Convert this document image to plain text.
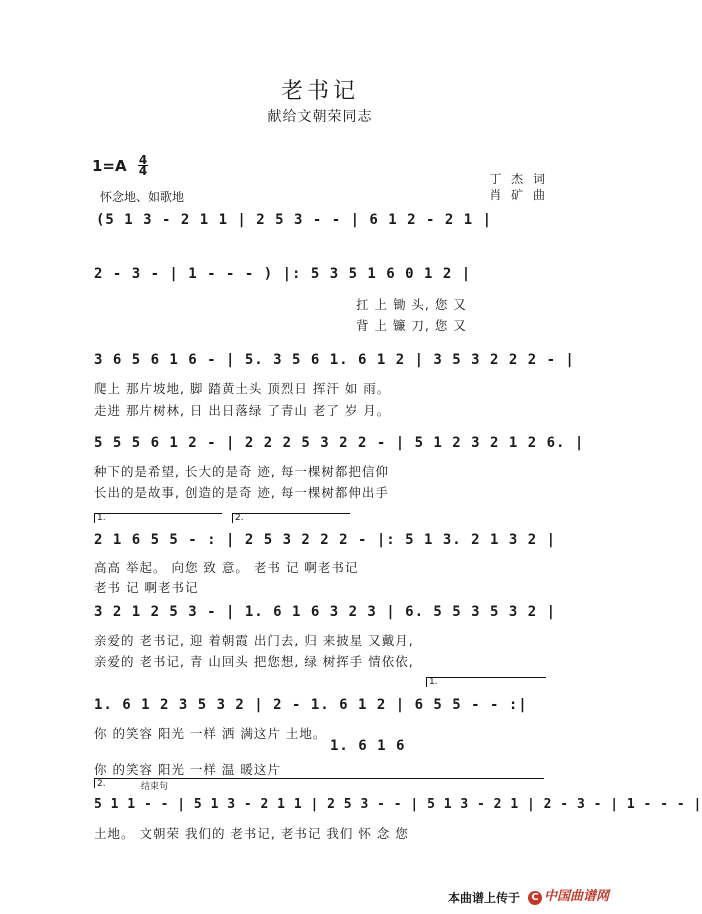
老书记
献给文朝荣同志
1=A 4
4
丁 杰 词
肖 矿 曲
怀念地、如歌地
(5 1 3 - 2 1 1 | 2 5 3 - - | 6 1 2 - 2 1 |
2 - 3 - | 1 - - - ) |: 5 3 5 1 6 0 1 2 |
扛 上 锄 头, 您 又
背 上 镰 刀, 您 又
3 6 5 6 1 6 - | 5. 3 5 6 1. 6 1 2 | 3 5 3 2 2 2 - |
爬上 那片坡地, 脚 踏黄土头 顶烈日 挥汗 如 雨。
走进 那片树林, 日 出日落绿 了青山 老了 岁 月。
5 5 5 6 1 2 - | 2 2 2 5 3 2 2 - | 5 1 2 3 2 1 2 6. |
种下的是希望, 长大的是奇 迹, 每一棵树都把信仰
长出的是故事, 创造的是奇 迹, 每一棵树都伸出手
1.	2.
2 1 6 5 5 - : | 2 5 3 2 2 2 - |: 5 1 3. 2 1 3 2 |
高高 举起。 向您 致 意。 老书 记 啊老书记
老书 记 啊老书记
3 2 1 2 5 3 - | 1. 6 1 6 3 2 3 | 6. 5 5 3 5 3 2 |
亲爱的 老书记, 迎 着朝霞 出门去, 归 来披星 又戴月,
亲爱的 老书记, 青 山回头 把您想, 绿 树挥手 情依依,
1.
1. 6 1 2 3 5 3 2 | 2 - 1. 6 1 2 | 6 5 5 - - :|
你 的笑容 阳光 一样 洒 满这片 土地。
1. 6 1 6
你 的笑容 阳光 一样 温 暖这片
2.	结束句
5 1 1 - - | 5 1 3 - 2 1 1 | 2 5 3 - - | 5 1 3 - 2 1 | 2 - 3 - | 1 - - - |
土地。 文朝荣 我们的 老书记, 老书记 我们 怀 念 您
本曲谱上传于	C 中国曲谱网
